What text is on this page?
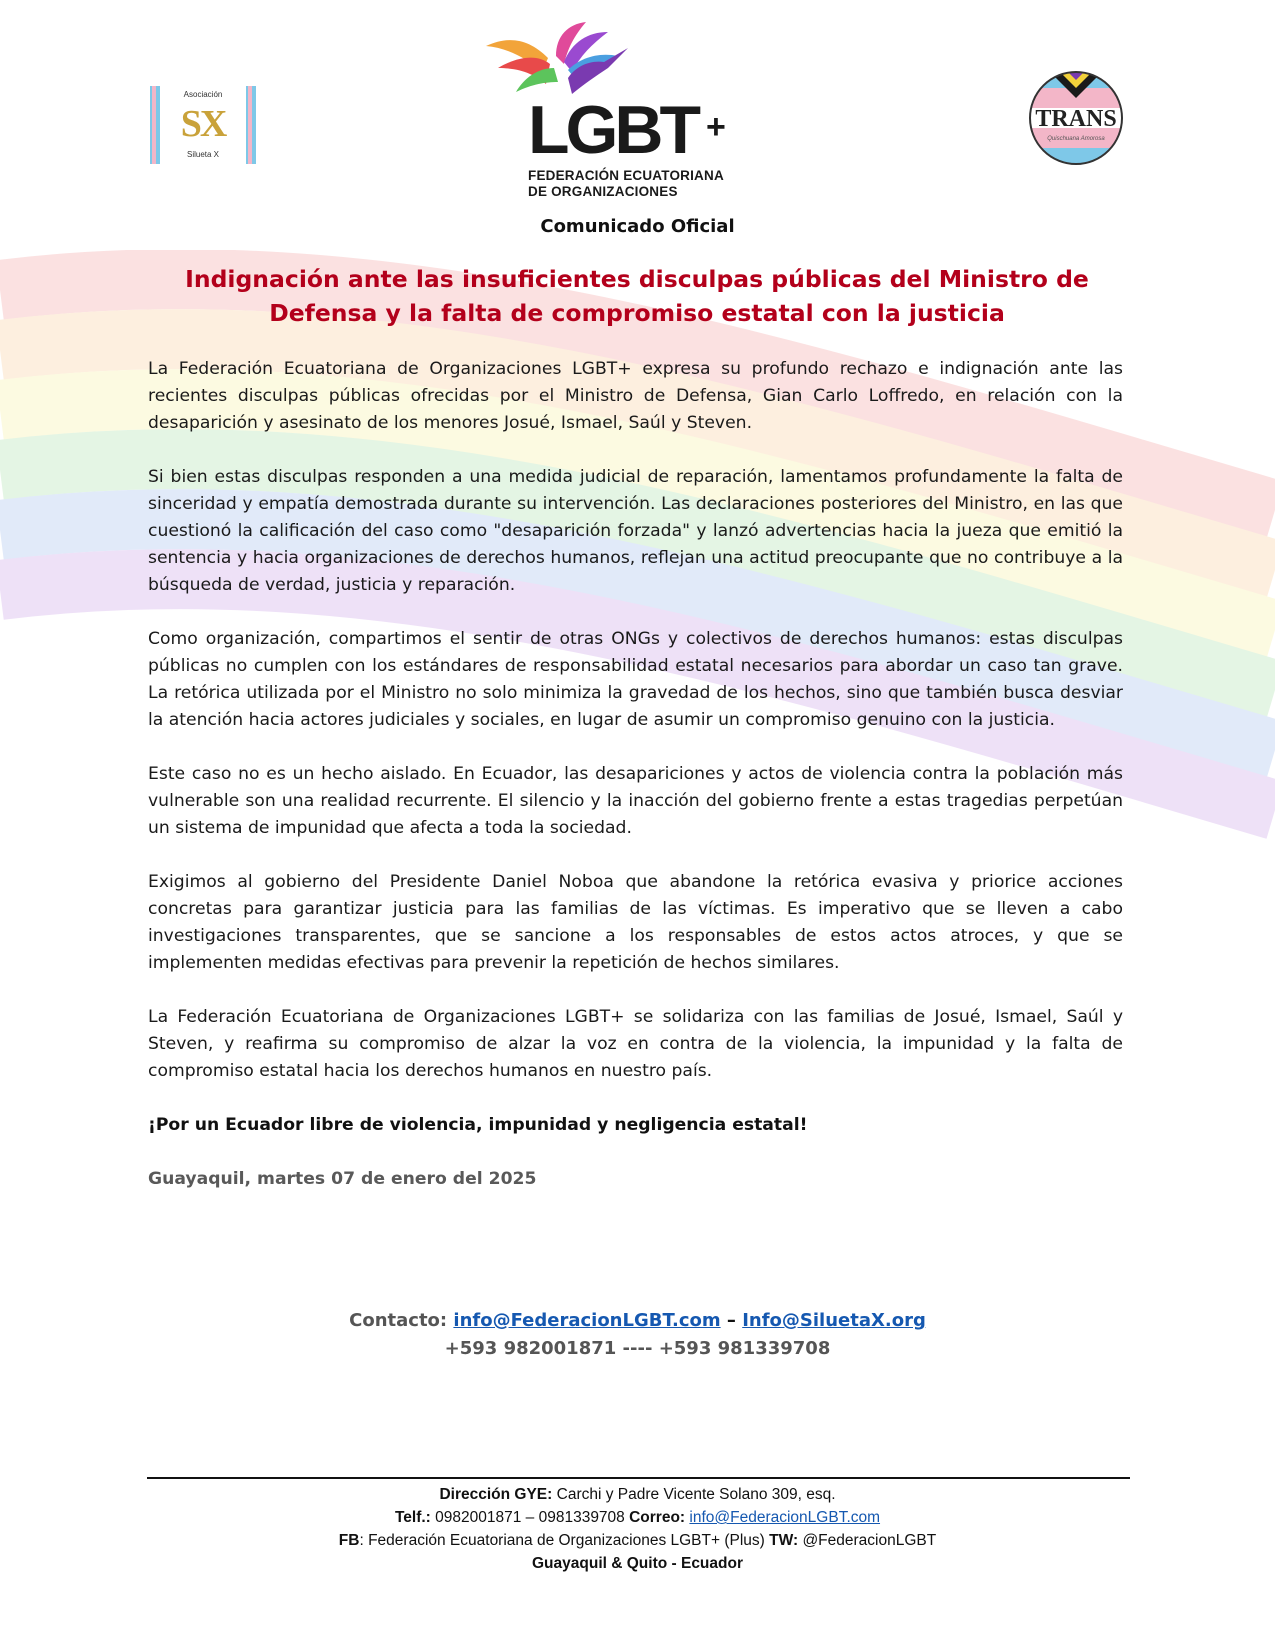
Asociación
SX
Silueta X	LGBT +
FEDERACIÓN ECUATORIANA
DE ORGANIZACIONES
TRANS
Quischuana Amorosa
Comunicado Oficial
Indignación ante las insuficientes disculpas públicas del Ministro de Defensa y la falta de compromiso estatal con la justicia

La Federación Ecuatoriana de Organizaciones LGBT+ expresa su profundo rechazo e indignación ante las recientes disculpas públicas ofrecidas por el Ministro de Defensa, Gian Carlo Loffredo, en relación con la desaparición y asesinato de los menores Josué, Ismael, Saúl y Steven.

Si bien estas disculpas responden a una medida judicial de reparación, lamentamos profundamente la falta de sinceridad y empatía demostrada durante su intervención. Las declaraciones posteriores del Ministro, en las que cuestionó la calificación del caso como "desaparición forzada" y lanzó advertencias hacia la jueza que emitió la sentencia y hacia organizaciones de derechos humanos, reflejan una actitud preocupante que no contribuye a la búsqueda de verdad, justicia y reparación.

Como organización, compartimos el sentir de otras ONGs y colectivos de derechos humanos: estas disculpas públicas no cumplen con los estándares de responsabilidad estatal necesarios para abordar un caso tan grave. La retórica utilizada por el Ministro no solo minimiza la gravedad de los hechos, sino que también busca desviar la atención hacia actores judiciales y sociales, en lugar de asumir un compromiso genuino con la justicia.

Este caso no es un hecho aislado. En Ecuador, las desapariciones y actos de violencia contra la población más vulnerable son una realidad recurrente. El silencio y la inacción del gobierno frente a estas tragedias perpetúan un sistema de impunidad que afecta a toda la sociedad.

Exigimos al gobierno del Presidente Daniel Noboa que abandone la retórica evasiva y priorice acciones concretas para garantizar justicia para las familias de las víctimas. Es imperativo que se lleven a cabo investigaciones transparentes, que se sancione a los responsables de estos actos atroces, y que se implementen medidas efectivas para prevenir la repetición de hechos similares.

La Federación Ecuatoriana de Organizaciones LGBT+ se solidariza con las familias de Josué, Ismael, Saúl y Steven, y reafirma su compromiso de alzar la voz en contra de la violencia, la impunidad y la falta de compromiso estatal hacia los derechos humanos en nuestro país.

¡Por un Ecuador libre de violencia, impunidad y negligencia estatal!

Guayaquil, martes 07 de enero del 2025

Contacto: info@FederacionLGBT.com – Info@SiluetaX.org
+593 982001871 ---- +593 981339708
Dirección GYE: Carchi y Padre Vicente Solano 309, esq.
Telf.: 0982001871 – 0981339708 Correo: info@FederacionLGBT.com
FB: Federación Ecuatoriana de Organizaciones LGBT+ (Plus) TW: @FederacionLGBT
Guayaquil & Quito - Ecuador
